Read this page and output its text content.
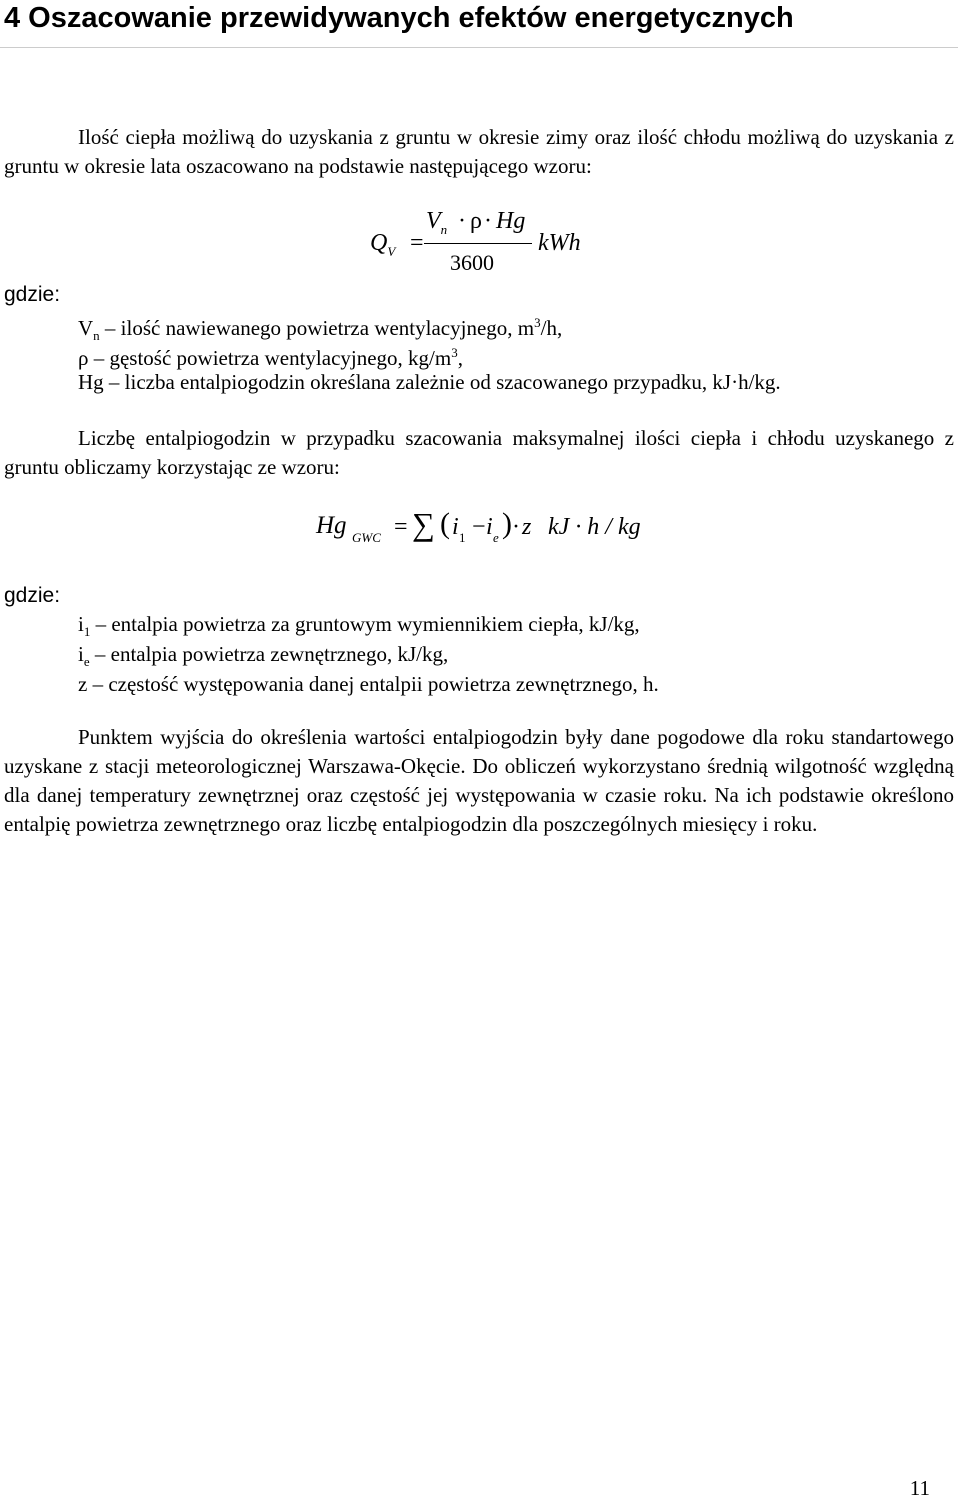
4 Oszacowanie przewidywanych efektów energetycznych
Ilość ciepła możliwą do uzyskania z gruntu w okresie zimy oraz ilość chłodu możliwą do uzyskania z gruntu w okresie lata oszacowano na podstawie następującego wzoru:
$Q_V$ =
$V_n \cdot \rho \cdot Hg$
3600
kWh
gdzie:
$V_n$ – ilość nawiewanego powietrza wentylacyjnego, $m^3/h$,
ρ – gęstość powietrza wentylacyjnego, $kg/m^3$,
Hg – liczba entalpiogodzin określana zależnie od szacowanego przypadku, kJ·h/kg.
Liczbę entalpiogodzin w przypadku szacowania maksymalnej ilości ciepła i chłodu uzyskanego z gruntu obliczamy korzystając ze wzoru:
Hg GWC = ∑ ( i 1 − i e ) · z kJ · h / kg
gdzie:
$i_1$ – entalpia powietrza za gruntowym wymiennikiem ciepła, kJ/kg,
$i_e$ – entalpia powietrza zewnętrznego, kJ/kg,
z – częstość występowania danej entalpii powietrza zewnętrznego, h.
Punktem wyjścia do określenia wartości entalpiogodzin były dane pogodowe dla roku standartowego uzyskane z stacji meteorologicznej Warszawa-Okęcie. Do obliczeń wykorzystano średnią wilgotność względną dla danej temperatury zewnętrznej oraz częstość jej występowania w czasie roku. Na ich podstawie określono entalpię powietrza zewnętrznego oraz liczbę entalpiogodzin dla poszczególnych miesięcy i roku.
11
